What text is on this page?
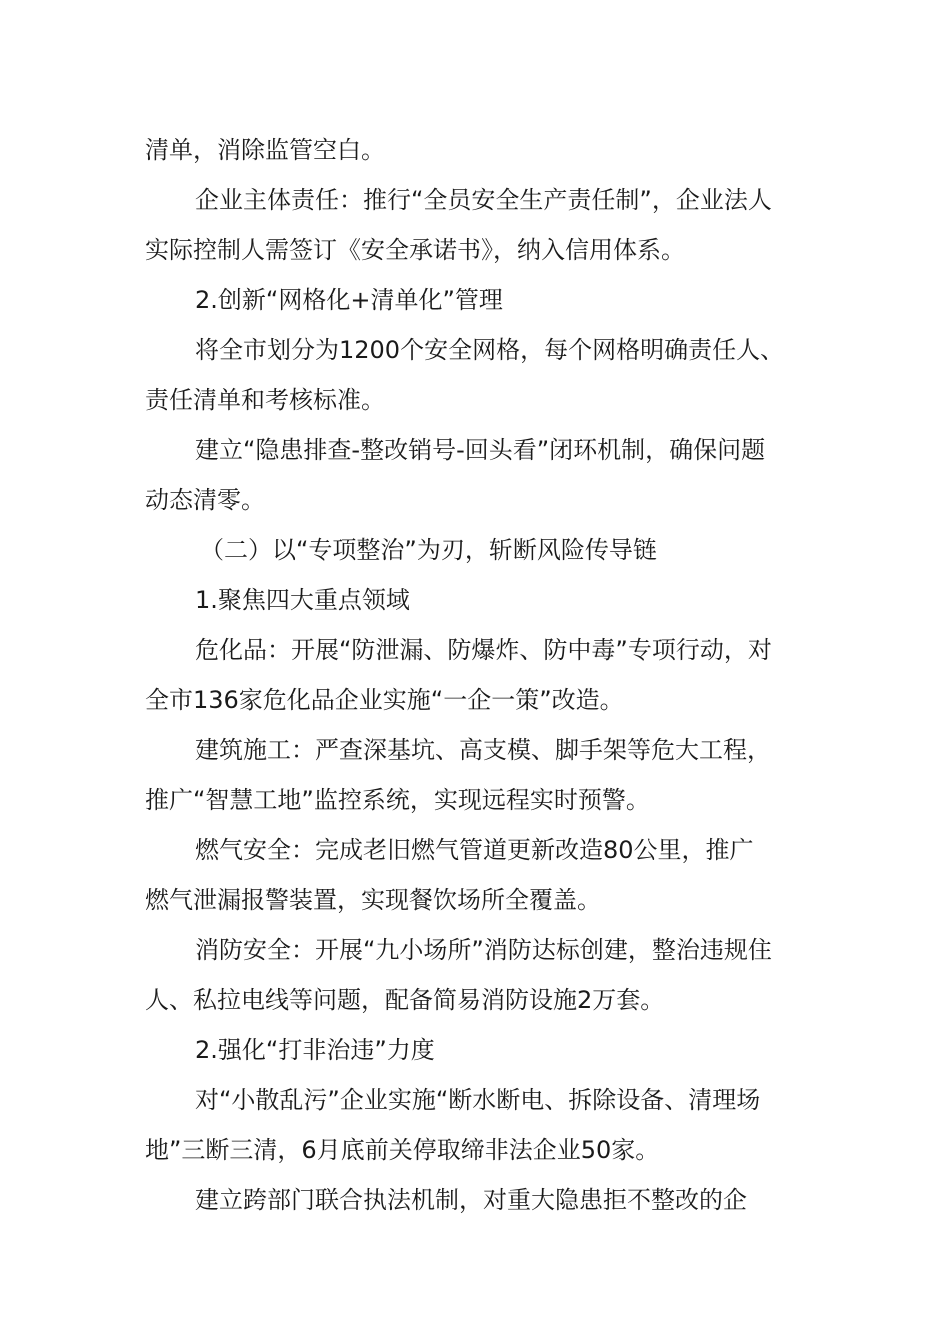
清单，消除监管空白。

企业主体责任：推行“全员安全生产责任制”，企业法人

实际控制人需签订《安全承诺书》，纳入信用体系。

2.创新“网格化+清单化”管理

将全市划分为1200个安全网格，每个网格明确责任人、

责任清单和考核标准。

建立“隐患排查-整改销号-回头看”闭环机制，确保问题

动态清零。

（二）以“专项整治”为刃，斩断风险传导链

1.聚焦四大重点领域

危化品：开展“防泄漏、防爆炸、防中毒”专项行动，对

全市136家危化品企业实施“一企一策”改造。

建筑施工：严查深基坑、高支模、脚手架等危大工程，

推广“智慧工地”监控系统，实现远程实时预警。

燃气安全：完成老旧燃气管道更新改造80公里，推广

燃气泄漏报警装置，实现餐饮场所全覆盖。

消防安全：开展“九小场所”消防达标创建，整治违规住

人、私拉电线等问题，配备简易消防设施2万套。

2.强化“打非治违”力度

对“小散乱污”企业实施“断水断电、拆除设备、清理场

地”三断三清，6月底前关停取缔非法企业50家。

建立跨部门联合执法机制，对重大隐患拒不整改的企
